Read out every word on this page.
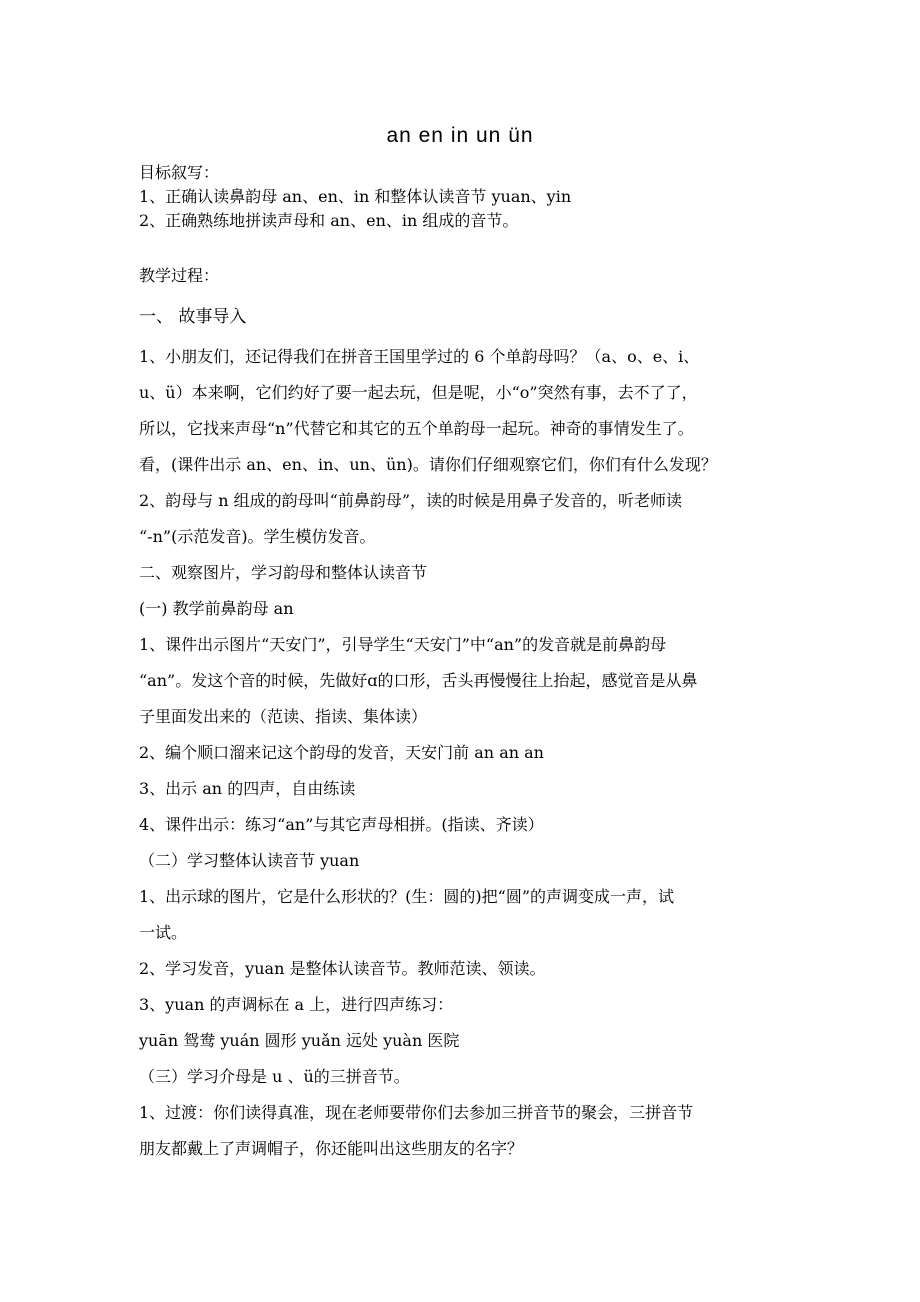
an en in un ün
目标叙写：
1、正确认读鼻韵母 an、en、in 和整体认读音节 yuan、yin
2、正确熟练地拼读声母和 an、en、in 组成的音节。
教学过程：
一、 故事导入
1、小朋友们，还记得我们在拼音王国里学过的 6 个单韵母吗？（a、o、e、i、
u、ü）本来啊，它们约好了要一起去玩，但是呢，小“o”突然有事，去不了了，
所以，它找来声母“n”代替它和其它的五个单韵母一起玩。神奇的事情发生了。
看，(课件出示 an、en、in、un、ün)。请你们仔细观察它们，你们有什么发现？
2、韵母与 n 组成的韵母叫“前鼻韵母”，读的时候是用鼻子发音的，听老师读
“-n”(示范发音)。学生模仿发音。
二、观察图片，学习韵母和整体认读音节
(一) 教学前鼻韵母 an
1、课件出示图片“天安门”，引导学生“天安门”中“an”的发音就是前鼻韵母
“an”。发这个音的时候，先做好ɑ的口形，舌头再慢慢往上抬起，感觉音是从鼻
子里面发出来的（范读、指读、集体读）
2、编个顺口溜来记这个韵母的发音，天安门前 an an an
3、出示 an 的四声，自由练读
4、课件出示：练习“an”与其它声母相拼。(指读、齐读）
（二）学习整体认读音节 yuan
1、出示球的图片，它是什么形状的？(生：圆的)把“圆”的声调变成一声，试
一试。
2、学习发音，yuan 是整体认读音节。教师范读、领读。
3、yuan 的声调标在 a 上，进行四声练习：
yuān 鸳鸯 yuán 圆形 yuǎn 远处 yuàn 医院
（三）学习介母是 u 、ü的三拼音节。
1、过渡：你们读得真准，现在老师要带你们去参加三拼音节的聚会，三拼音节
朋友都戴上了声调帽子，你还能叫出这些朋友的名字？
